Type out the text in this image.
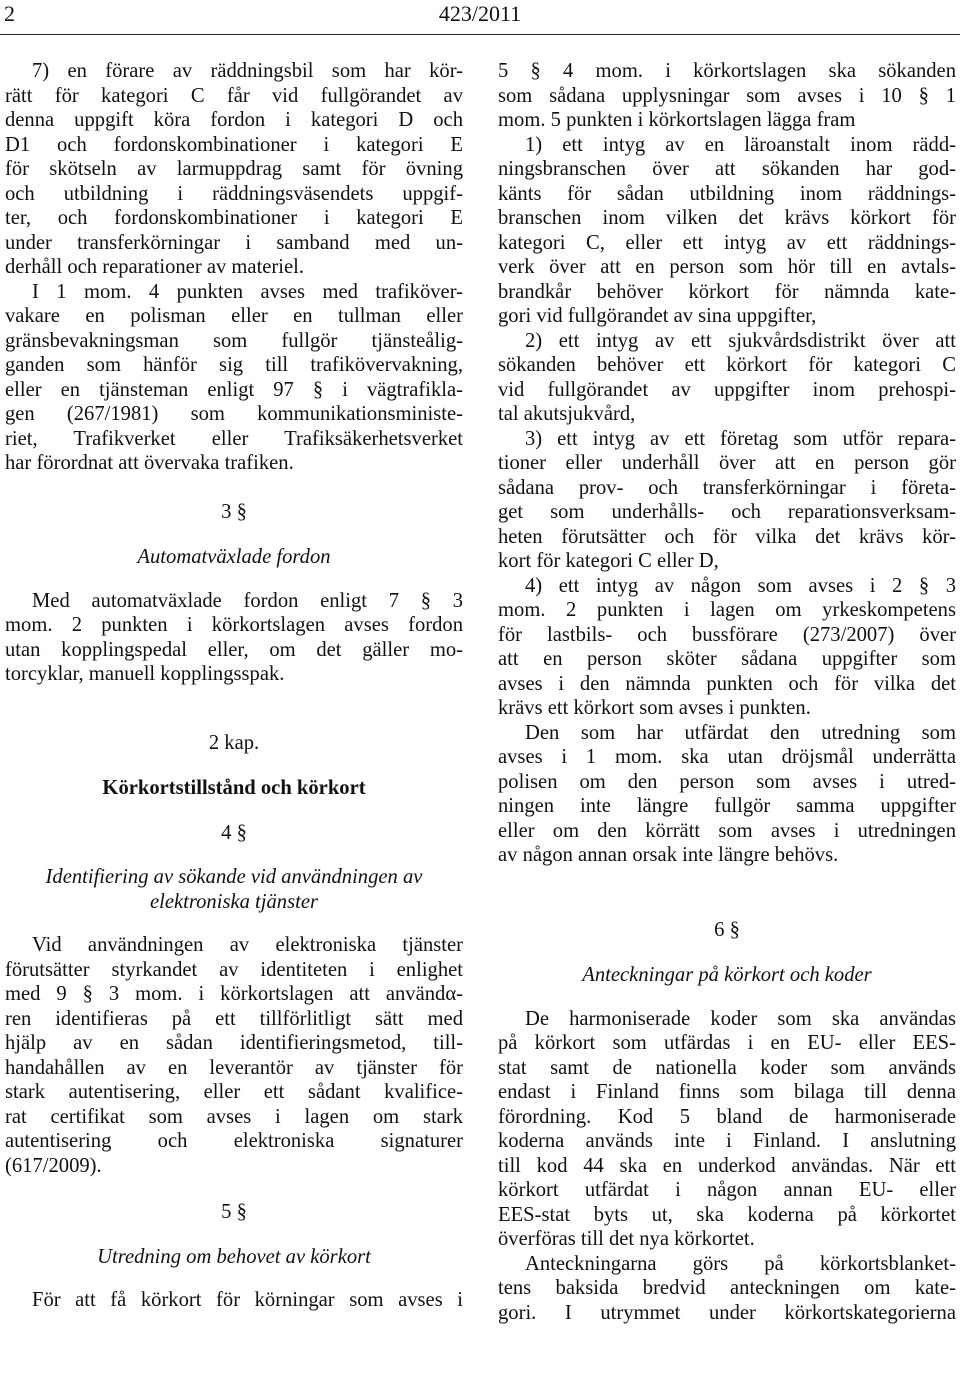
2	423/2011

7) en förare av räddningsbil som har kör-
rätt för kategori C får vid fullgörandet av
denna uppgift köra fordon i kategori D och
D1 och fordonskombinationer i kategori E
för skötseln av larmuppdrag samt för övning
och utbildning i räddningsväsendets uppgif-
ter, och fordonskombinationer i kategori E
under transferkörningar i samband med un-
derhåll och reparationer av materiel.

I 1 mom. 4 punkten avses med trafiköver-
vakare en polisman eller en tullman eller
gränsbevakningsman som fullgör tjänsteålig-
ganden som hänför sig till trafikövervakning,
eller en tjänsteman enligt 97 § i vägtrafikla-
gen (267/1981) som kommunikationsministe-
riet, Trafikverket eller Trafiksäkerhetsverket
har förordnat att övervaka trafiken.

3 §

Automatväxlade fordon

Med automatväxlade fordon enligt 7 § 3
mom. 2 punkten i körkortslagen avses fordon
utan kopplingspedal eller, om det gäller mo-
torcyklar, manuell kopplingsspak.

2 kap.

Körkortstillstånd och körkort

4 §

Identifiering av sökande vid användningen av
elektroniska tjänster

Vid användningen av elektroniska tjänster
förutsätter styrkandet av identiteten i enlighet
med 9 § 3 mom. i körkortslagen att användα-
ren identifieras på ett tillförlitligt sätt med
hjälp av en sådan identifieringsmetod, till-
handahållen av en leverantör av tjänster för
stark autentisering, eller ett sådant kvalifice-
rat certifikat som avses i lagen om stark
autentisering och elektroniska signaturer
(617/2009).

5 §

Utredning om behovet av körkort

För att få körkort för körningar som avses i

5 § 4 mom. i körkortslagen ska sökanden
som sådana upplysningar som avses i 10 § 1
mom. 5 punkten i körkortslagen lägga fram

1) ett intyg av en läroanstalt inom rädd-
ningsbranschen över att sökanden har god-
känts för sådan utbildning inom räddnings-
branschen inom vilken det krävs körkort för
kategori C, eller ett intyg av ett räddnings-
verk över att en person som hör till en avtals-
brandkår behöver körkort för nämnda kate-
gori vid fullgörandet av sina uppgifter,

2) ett intyg av ett sjukvårdsdistrikt över att
sökanden behöver ett körkort för kategori C
vid fullgörandet av uppgifter inom prehospi-
tal akutsjukvård,

3) ett intyg av ett företag som utför repara-
tioner eller underhåll över att en person gör
sådana prov- och transferkörningar i företa-
get som underhålls- och reparationsverksam-
heten förutsätter och för vilka det krävs kör-
kort för kategori C eller D,

4) ett intyg av någon som avses i 2 § 3
mom. 2 punkten i lagen om yrkeskompetens
för lastbils- och bussförare (273/2007) över
att en person sköter sådana uppgifter som
avses i den nämnda punkten och för vilka det
krävs ett körkort som avses i punkten.

Den som har utfärdat den utredning som
avses i 1 mom. ska utan dröjsmål underrätta
polisen om den person som avses i utred-
ningen inte längre fullgör samma uppgifter
eller om den körrätt som avses i utredningen
av någon annan orsak inte längre behövs.

6 §

Anteckningar på körkort och koder

De harmoniserade koder som ska användas
på körkort som utfärdas i en EU- eller EES-
stat samt de nationella koder som används
endast i Finland finns som bilaga till denna
förordning. Kod 5 bland de harmoniserade
koderna används inte i Finland. I anslutning
till kod 44 ska en underkod användas. När ett
körkort utfärdat i någon annan EU- eller
EES-stat byts ut, ska koderna på körkortet
överföras till det nya körkortet.

Anteckningarna görs på körkortsblanket-
tens baksida bredvid anteckningen om kate-
gori. I utrymmet under körkortskategorierna
